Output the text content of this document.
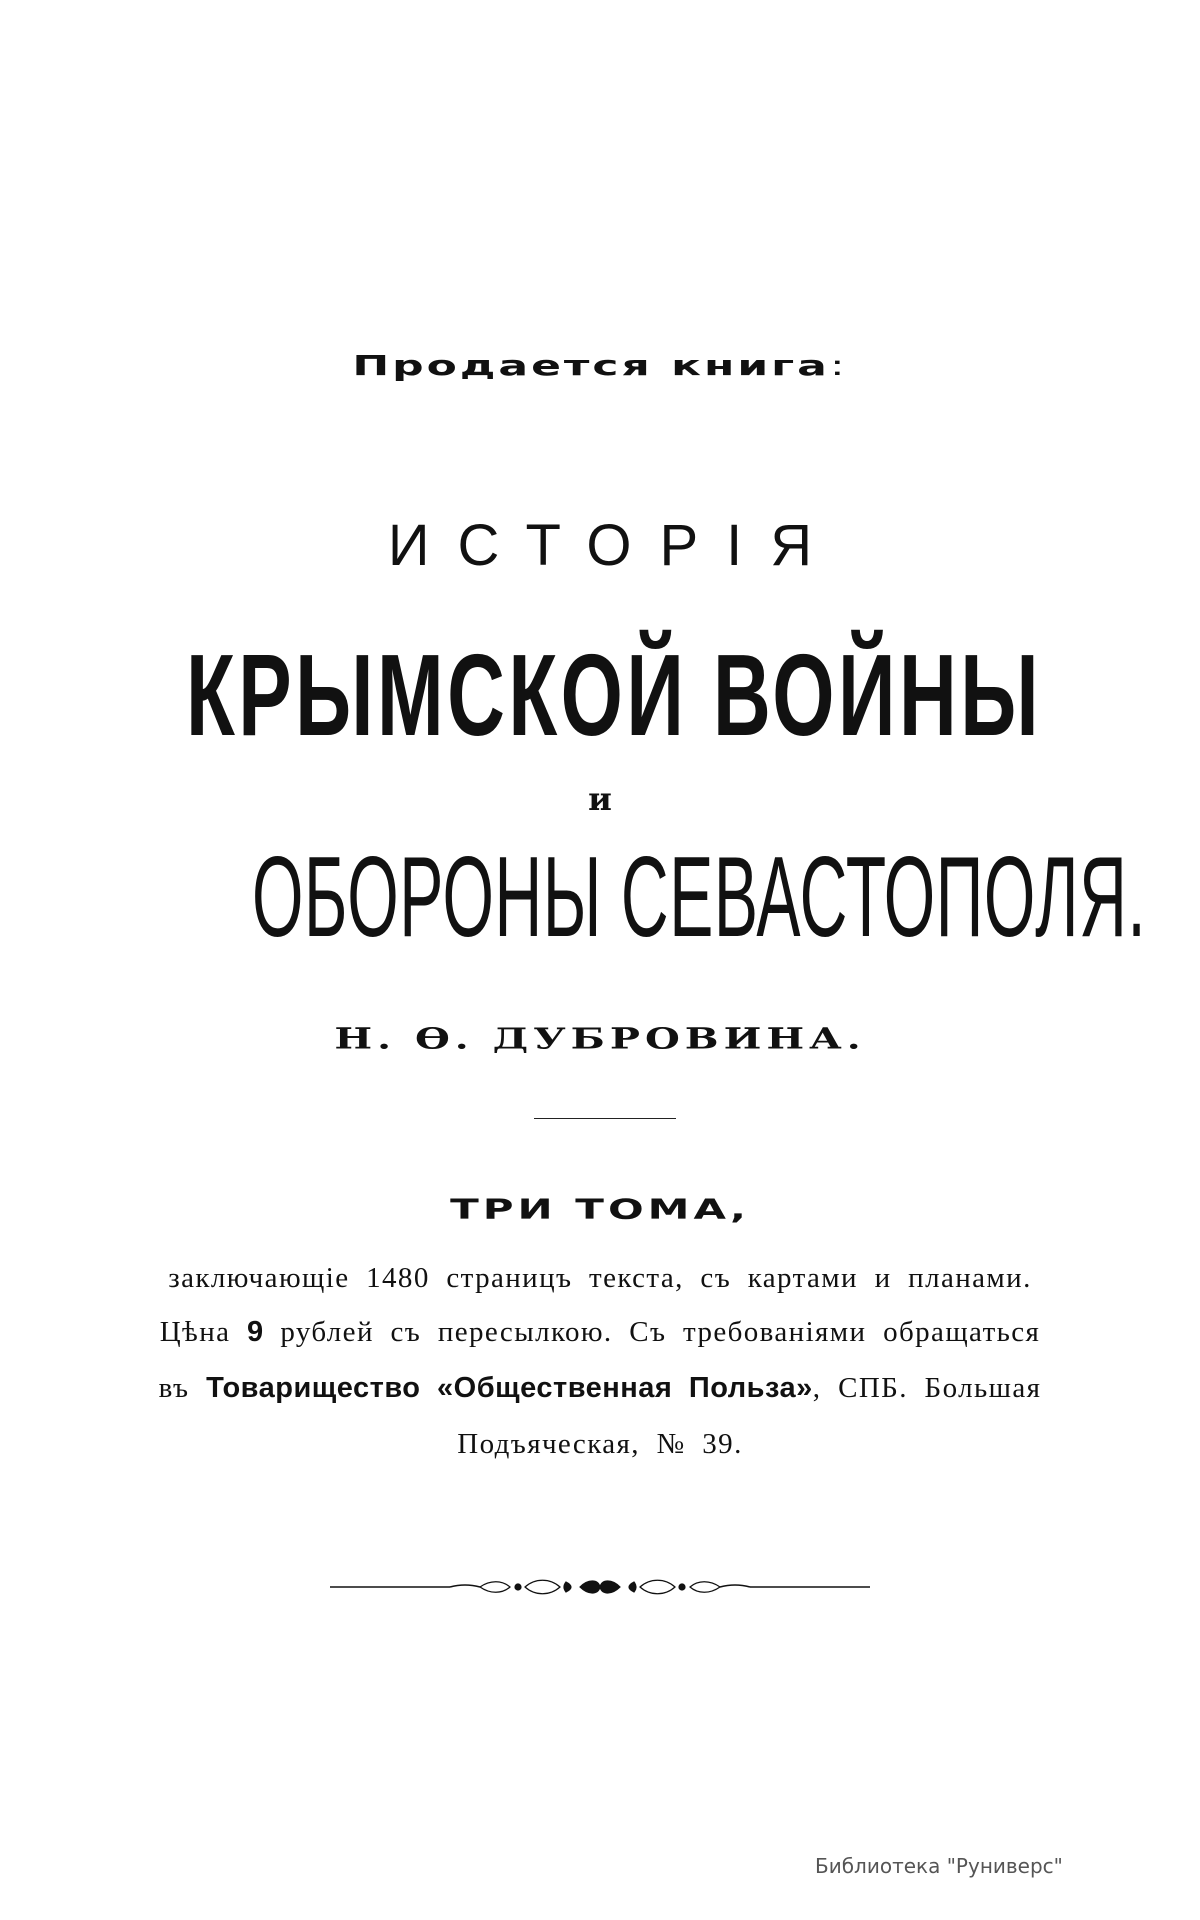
Продается книга:
ИСТОРІЯ
КРЫМСКОЙ ВОЙНЫ
и
ОБОРОНЫ СЕВАСТОПОЛЯ.
Н. Ѳ. ДУБРОВИНА.
ТРИ ТОМА,
заключающіе 1480 страницъ текста, съ картами и планами.
Цѣна 9 рублей съ пересылкою. Съ требованіями обращаться
въ Товарищество «Общественная Польза», СПБ. Большая
Подъяческая, № 39.
Библиотека "Руниверс"
